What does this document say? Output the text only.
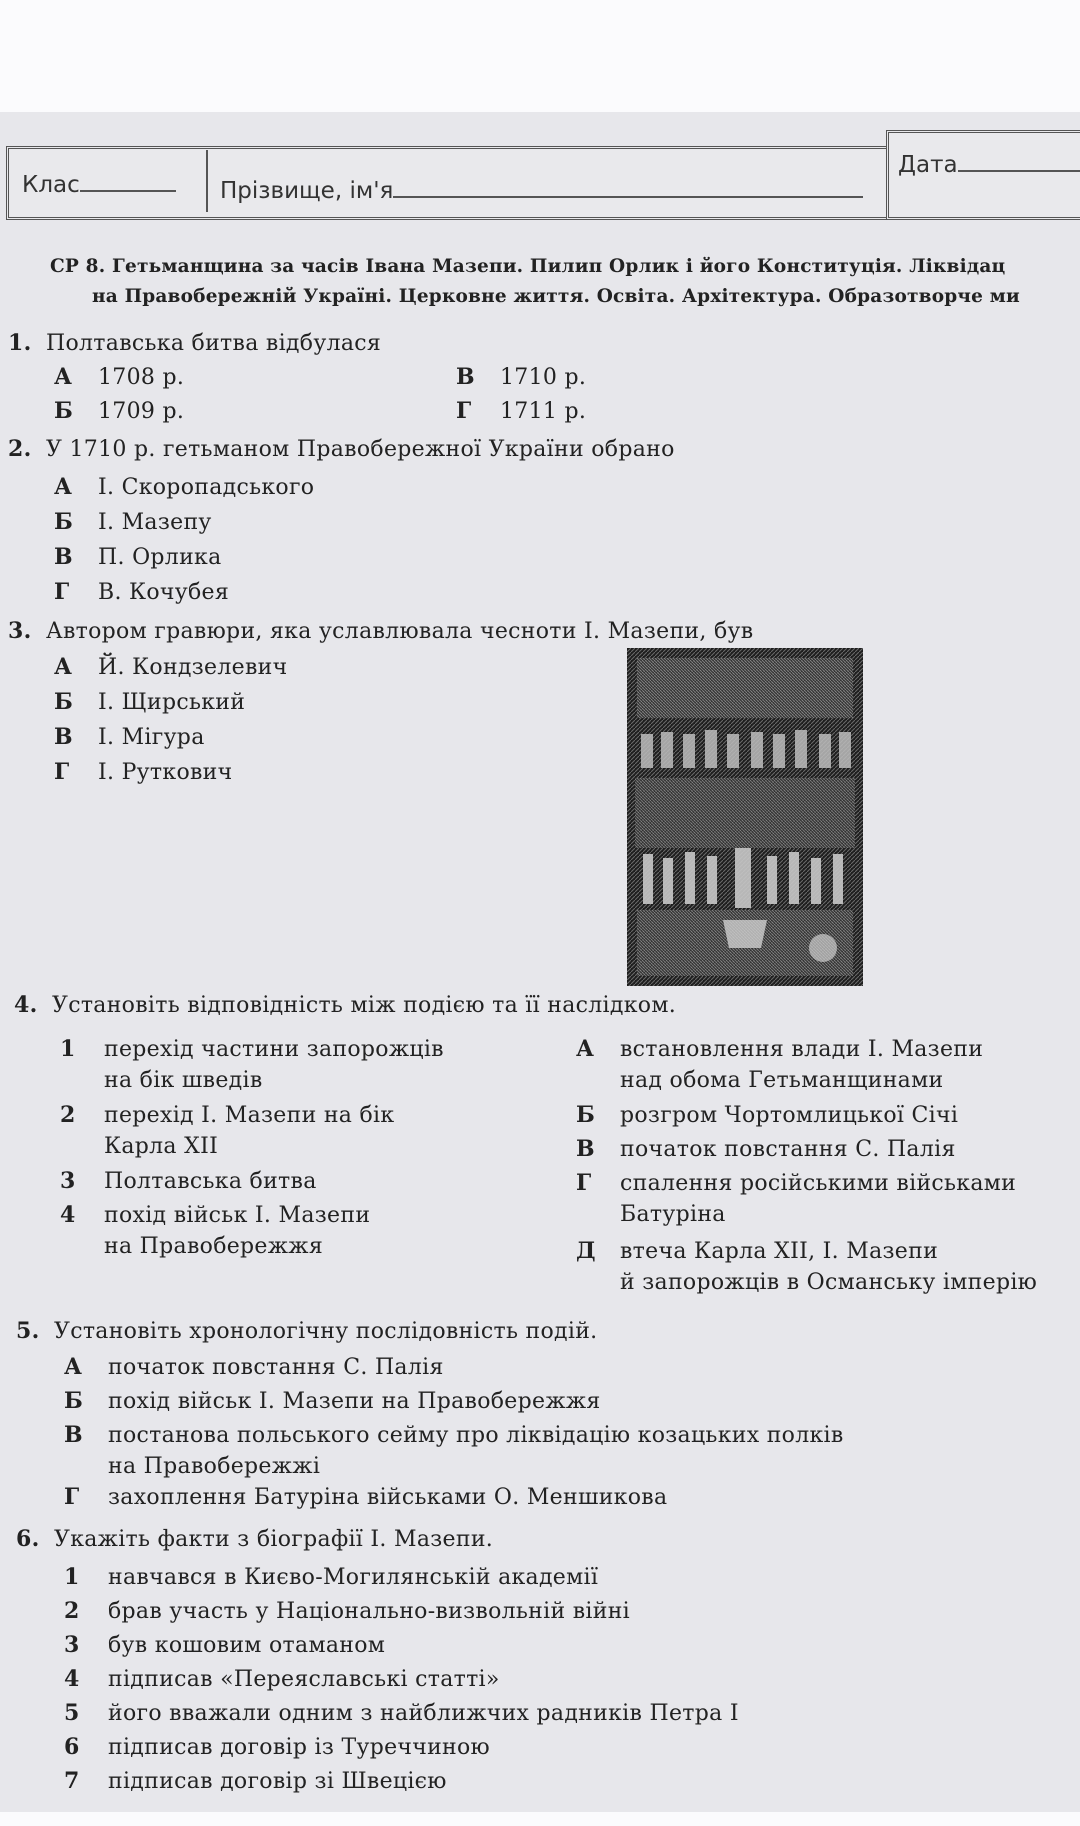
Клас	Прізвище, ім'я
Дата
СР 8. Гетьманщина за часів Івана Мазепи. Пилип Орлик і його Конституція. Ліквідац
на Правобережній Україні. Церковне життя. Освіта. Архітектура. Образотворче ми
1. Полтавська битва відбулася
А 1708 р.
Б 1709 р.
В 1710 р.
Г 1711 р.
2. У 1710 р. гетьманом Правобережної України обрано
А І. Скоропадського
Б І. Мазепу
В П. Орлика
Г В. Кочубея
3. Автором гравюри, яка уславлювала чесноти І. Мазепи, був
А Й. Кондзелевич
Б І. Щирський
В І. Мігура
Г І. Руткович
4. Установіть відповідність між подією та її наслідком.
1 перехід частини запорожців
на бік шведів
2 перехід І. Мазепи на бік
Карла XII
3 Полтавська битва
4 похід військ І. Мазепи
на Правобережжя
А встановлення влади І. Мазепи
над обома Гетьманщинами
Б розгром Чортомлицької Січі
В початок повстання С. Палія
Г спалення російськими військами
Батуріна
Д втеча Карла XII, І. Мазепи
й запорожців в Османську імперію
5. Установіть хронологічну послідовність подій.
А початок повстання С. Палія
Б похід військ І. Мазепи на Правобережжя
В постанова польського сейму про ліквідацію козацьких полків
на Правобережжі
Г захоплення Батуріна військами О. Меншикова
6. Укажіть факти з біографії І. Мазепи.
1 навчався в Києво-Могилянській академії
2 брав участь у Національно-визвольній війні
3 був кошовим отаманом
4 підписав «Переяславські статті»
5 його вважали одним з найближчих радників Петра І
6 підписав договір із Туреччиною
7 підписав договір зі Швецією
